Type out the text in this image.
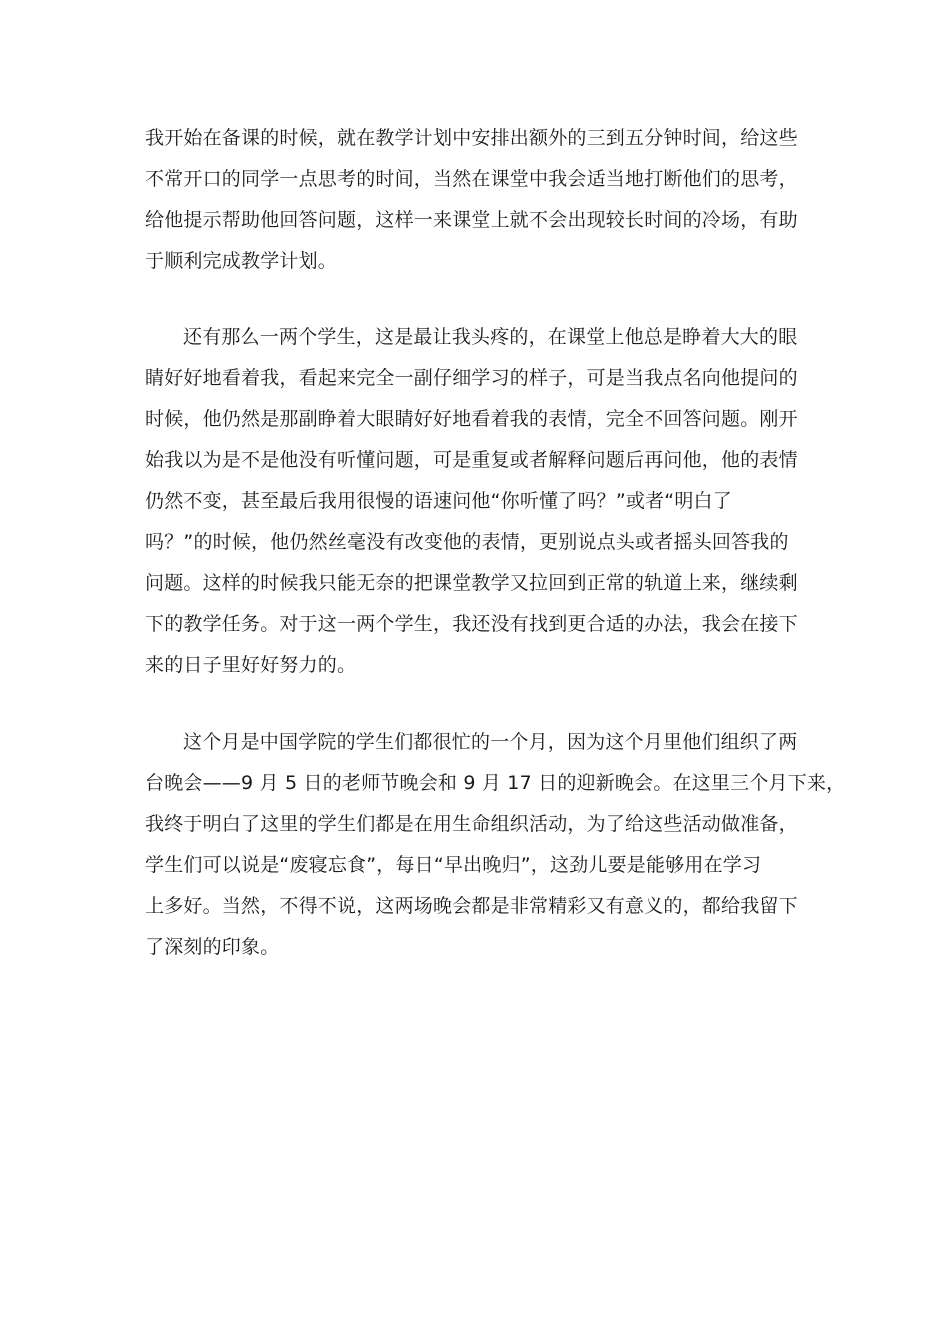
我开始在备课的时候，就在教学计划中安排出额外的三到五分钟时间，给这些
不常开口的同学一点思考的时间，当然在课堂中我会适当地打断他们的思考，
给他提示帮助他回答问题，这样一来课堂上就不会出现较长时间的冷场，有助
于顺利完成教学计划。
还有那么一两个学生，这是最让我头疼的，在课堂上他总是睁着大大的眼
睛好好地看着我，看起来完全一副仔细学习的样子，可是当我点名向他提问的
时候，他仍然是那副睁着大眼睛好好地看着我的表情，完全不回答问题。刚开
始我以为是不是他没有听懂问题，可是重复或者解释问题后再问他，他的表情
仍然不变，甚至最后我用很慢的语速问他“你听懂了吗？”或者“明白了
吗？”的时候，他仍然丝毫没有改变他的表情，更别说点头或者摇头回答我的
问题。这样的时候我只能无奈的把课堂教学又拉回到正常的轨道上来，继续剩
下的教学任务。对于这一两个学生，我还没有找到更合适的办法，我会在接下
来的日子里好好努力的。
这个月是中国学院的学生们都很忙的一个月，因为这个月里他们组织了两
台晚会——9 月 5 日的老师节晚会和 9 月 17 日的迎新晚会。在这里三个月下来，
我终于明白了这里的学生们都是在用生命组织活动，为了给这些活动做准备，
学生们可以说是“废寝忘食”，每日“早出晚归”，这劲儿要是能够用在学习
上多好。当然，不得不说，这两场晚会都是非常精彩又有意义的，都给我留下
了深刻的印象。
